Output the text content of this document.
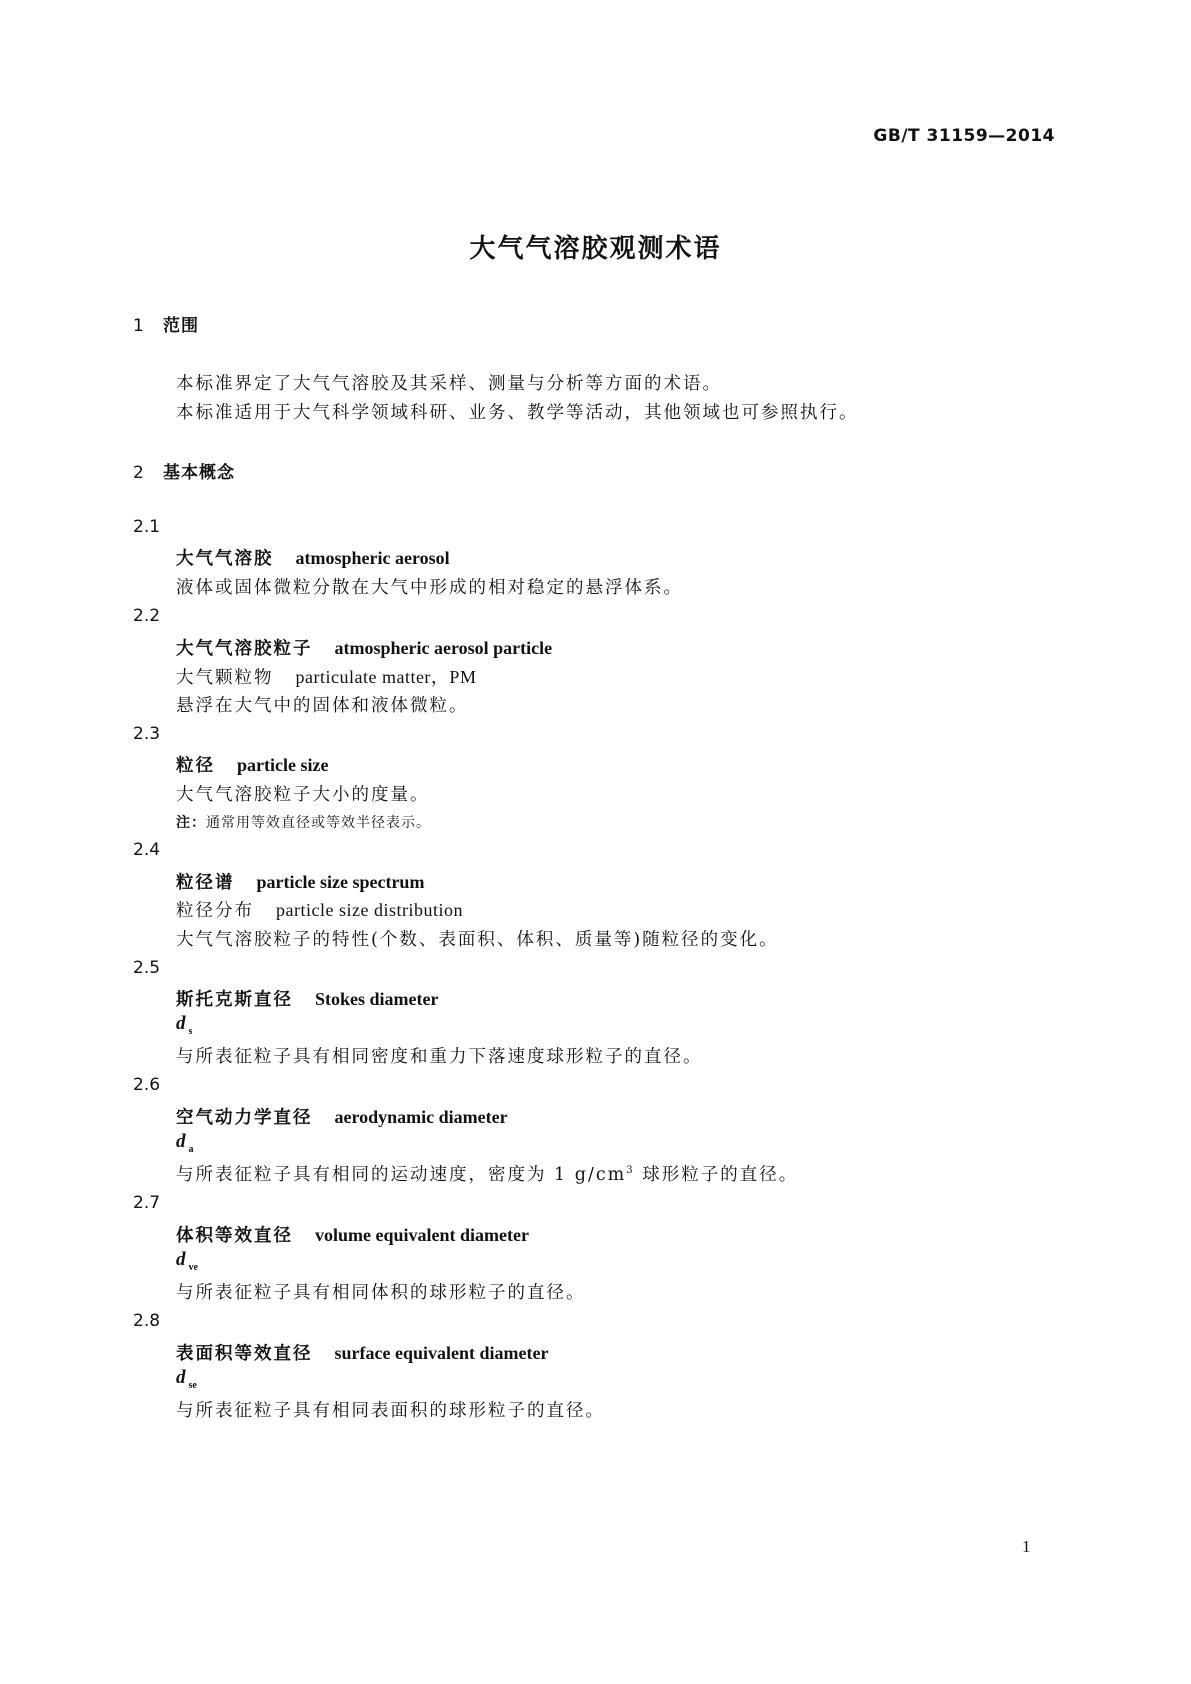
GB/T 31159—2014
大气气溶胶观测术语
1 范围
本标准界定了大气气溶胶及其采样、测量与分析等方面的术语。
本标准适用于大气科学领域科研、业务、教学等活动，其他领域也可参照执行。
2 基本概念
2.1
大气气溶胶 atmospheric aerosol
液体或固体微粒分散在大气中形成的相对稳定的悬浮体系。
2.2
大气气溶胶粒子 atmospheric aerosol particle
大气颗粒物 particulate matter，PM
悬浮在大气中的固体和液体微粒。
2.3
粒径 particle size
大气气溶胶粒子大小的度量。
注：通常用等效直径或等效半径表示。
2.4
粒径谱 particle size spectrum
粒径分布 particle size distribution
大气气溶胶粒子的特性(个数、表面积、体积、质量等)随粒径的变化。
2.5
斯托克斯直径 Stokes diameter
d $_s$
与所表征粒子具有相同密度和重力下落速度球形粒子的直径。
2.6
空气动力学直径 aerodynamic diameter
d $_a$
与所表征粒子具有相同的运动速度，密度为 1 $g/cm^3$ 球形粒子的直径。
2.7
体积等效直径 volume equivalent diameter
d $_{ve}$
与所表征粒子具有相同体积的球形粒子的直径。
2.8
表面积等效直径 surface equivalent diameter
d $_{se}$
与所表征粒子具有相同表面积的球形粒子的直径。
1
